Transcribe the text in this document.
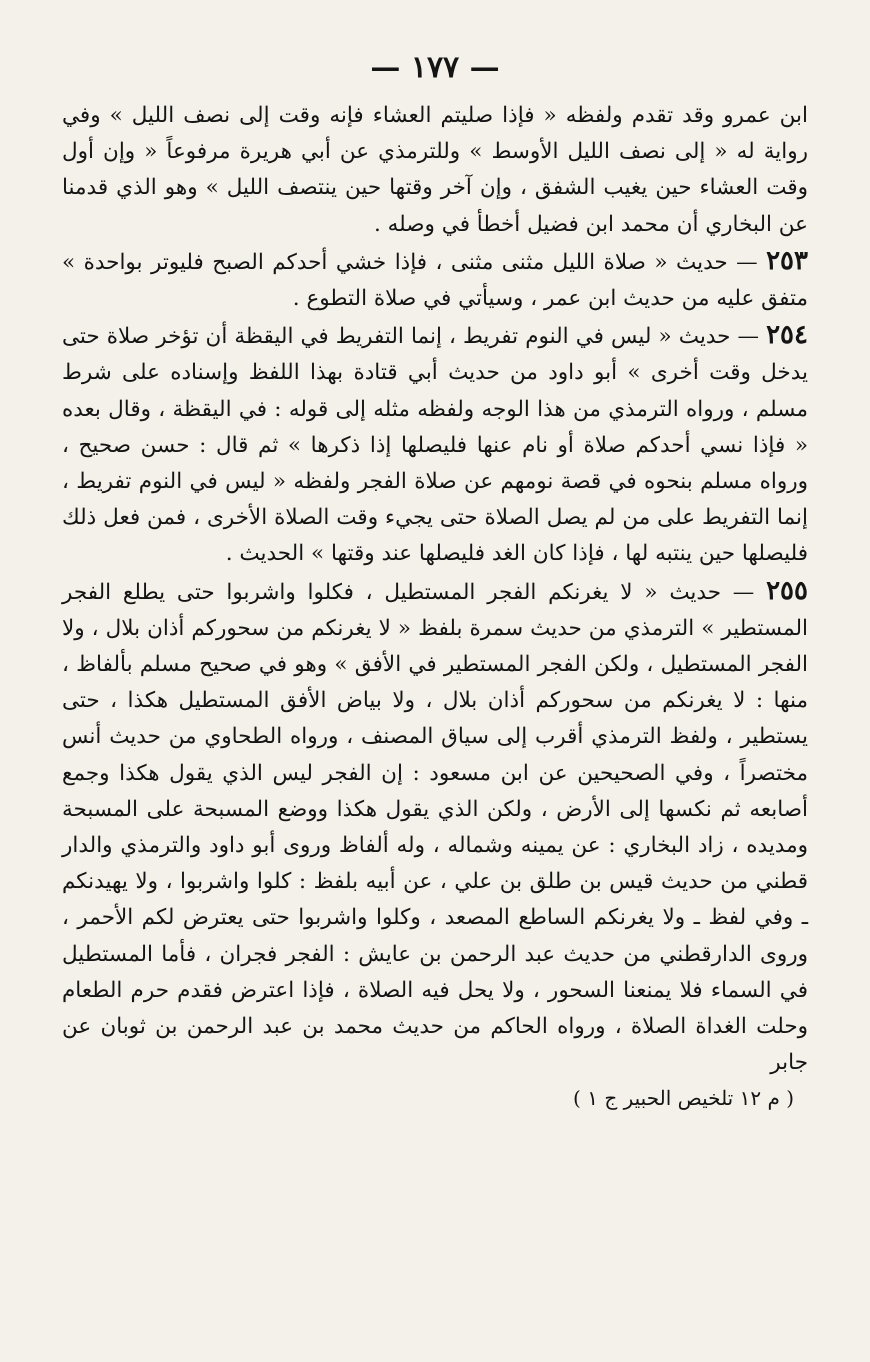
— ١٧٧ —

ابن عمرو وقد تقدم ولفظه « فإذا صليتم العشاء فإنه وقت إلى نصف الليل » وفي رواية له « إلى نصف الليل الأوسط » وللترمذي عن أبي هريرة مرفوعاً « وإن أول وقت العشاء حين يغيب الشفق ، وإن آخر وقتها حين ينتصف الليل » وهو الذي قدمنا عن البخاري أن محمد ابن فضيل أخطأ في وصله .

٢٥٣ — حديث « صلاة الليل مثنى مثنى ، فإذا خشي أحدكم الصبح فليوتر بواحدة » متفق عليه من حديث ابن عمر ، وسيأتي في صلاة التطوع .

٢٥٤ — حديث « ليس في النوم تفريط ، إنما التفريط في اليقظة أن تؤخر صلاة حتى يدخل وقت أخرى » أبو داود من حديث أبي قتادة بهذا اللفظ وإسناده على شرط مسلم ، ورواه الترمذي من هذا الوجه ولفظه مثله إلى قوله : في اليقظة ، وقال بعده « فإذا نسي أحدكم صلاة أو نام عنها فليصلها إذا ذكرها » ثم قال : حسن صحيح ، ورواه مسلم بنحوه في قصة نومهم عن صلاة الفجر ولفظه « ليس في النوم تفريط ، إنما التفريط على من لم يصل الصلاة حتى يجيء وقت الصلاة الأخرى ، فمن فعل ذلك فليصلها حين ينتبه لها ، فإذا كان الغد فليصلها عند وقتها » الحديث .

٢٥٥ — حديث « لا يغرنكم الفجر المستطيل ، فكلوا واشربوا حتى يطلع الفجر المستطير » الترمذي من حديث سمرة بلفظ « لا يغرنكم من سحوركم أذان بلال ، ولا الفجر المستطيل ، ولكن الفجر المستطير في الأفق » وهو في صحيح مسلم بألفاظ ، منها : لا يغرنكم من سحوركم أذان بلال ، ولا بياض الأفق المستطيل هكذا ، حتى يستطير ، ولفظ الترمذي أقرب إلى سياق المصنف ، ورواه الطحاوي من حديث أنس مختصراً ، وفي الصحيحين عن ابن مسعود : إن الفجر ليس الذي يقول هكذا وجمع أصابعه ثم نكسها إلى الأرض ، ولكن الذي يقول هكذا ووضع المسبحة على المسبحة ومديده ، زاد البخاري : عن يمينه وشماله ، وله ألفاظ وروى أبو داود والترمذي والدار قطني من حديث قيس بن طلق بن علي ، عن أبيه بلفظ : كلوا واشربوا ، ولا يهيدنكم ـ وفي لفظ ـ ولا يغرنكم الساطع المصعد ، وكلوا واشربوا حتى يعترض لكم الأحمر ، وروى الدارقطني من حديث عبد الرحمن بن عايش : الفجر فجران ، فأما المستطيل في السماء فلا يمنعنا السحور ، ولا يحل فيه الصلاة ، فإذا اعترض فقدم حرم الطعام وحلت الغداة الصلاة ، ورواه الحاكم من حديث محمد بن عبد الرحمن بن ثوبان عن جابر

( م ١٢ تلخيص الحبير ج ١ )
